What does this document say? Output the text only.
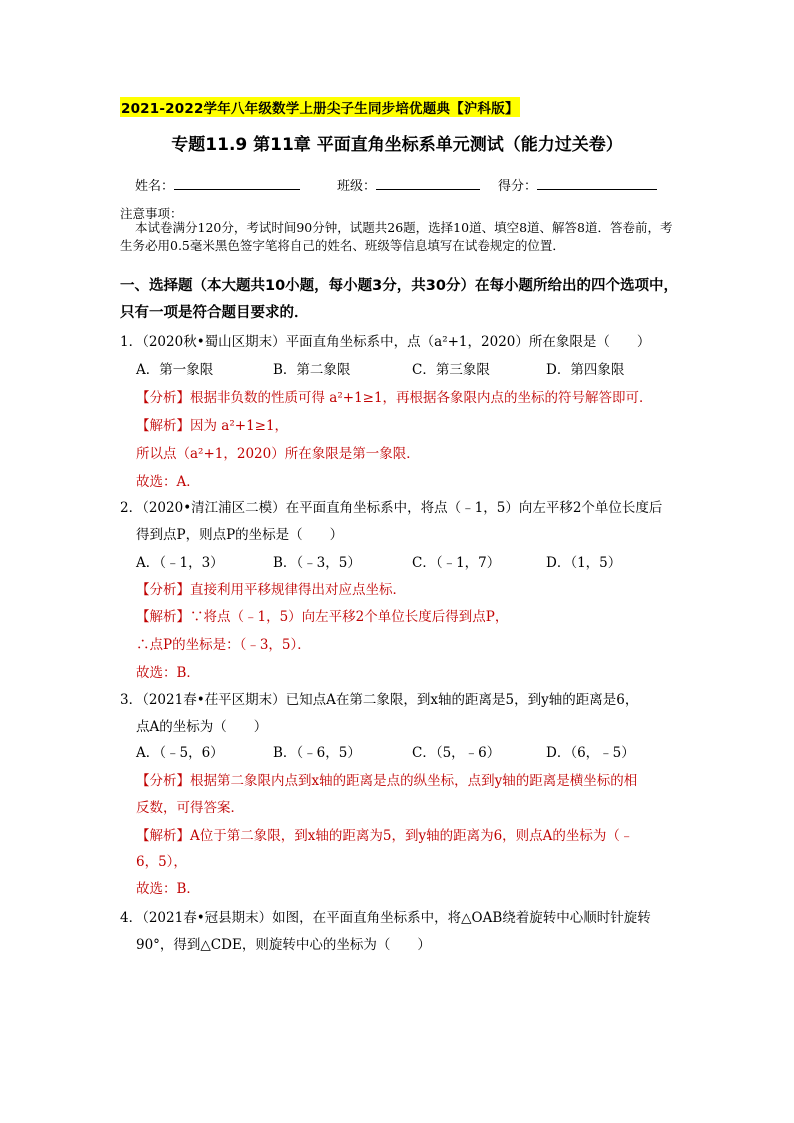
2021-2022学年八年级数学上册尖子生同步培优题典【沪科版】
专题11.9 第11章 平面直角坐标系单元测试（能力过关卷）
姓名：	班级：	得分：
注意事项：
本试卷满分120分，考试时间90分钟，试题共26题，选择10道、填空8道、解答8道．答卷前，考生务必用0.5毫米黑色签字笔将自己的姓名、班级等信息填写在试卷规定的位置．
一、选择题（本大题共10小题，每小题3分，共30分）在每小题所给出的四个选项中，只有一项是符合题目要求的．
1．（2020秋•蜀山区期末）平面直角坐标系中，点（a²+1，2020）所在象限是（　　）
A．第一象限	B．第二象限	C．第三象限	D．第四象限
【分析】根据非负数的性质可得 a²+1≥1，再根据各象限内点的坐标的符号解答即可．
【解析】因为 a²+1≥1，
所以点（a²+1，2020）所在象限是第一象限．
故选：A．
2．（2020•清江浦区二模）在平面直角坐标系中，将点（﹣1，5）向左平移2个单位长度后
得到点P，则点P的坐标是（　　）
A．（﹣1，3）	B．（﹣3，5）	C．（﹣1，7）	D．（1，5）
【分析】直接利用平移规律得出对应点坐标．
【解析】∵将点（﹣1，5）向左平移2个单位长度后得到点P，
∴点P的坐标是：（﹣3，5）．
故选：B．
3．（2021春•茌平区期末）已知点A在第二象限，到x轴的距离是5，到y轴的距离是6，
点A的坐标为（　　）
A．（﹣5，6）	B．（﹣6，5）	C．（5，﹣6）	D．（6，﹣5）
【分析】根据第二象限内点到x轴的距离是点的纵坐标，点到y轴的距离是横坐标的相
反数，可得答案．
【解析】A位于第二象限，到x轴的距离为5，到y轴的距离为6，则点A的坐标为（﹣
6，5），
故选：B．
4．（2021春•冠县期末）如图，在平面直角坐标系中，将△OAB绕着旋转中心顺时针旋转
90°，得到△CDE，则旋转中心的坐标为（　　）
